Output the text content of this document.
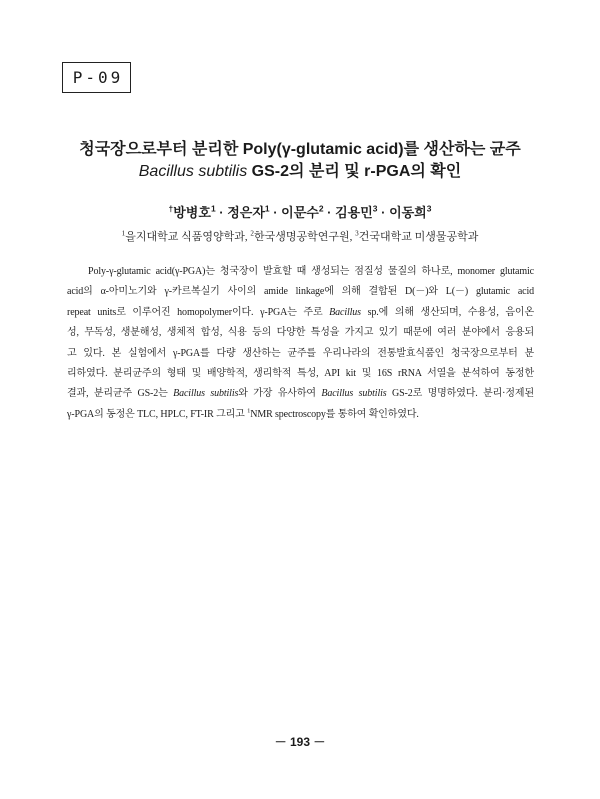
P-09
청국장으로부터 분리한 Poly(γ-glutamic acid)를 생산하는 균주
Bacillus subtilis GS-2의 분리 및 r-PGA의 확인
†방병호$^1$ · 정은자$^1$ · 이문수$^2$ · 김용민$^3$ · 이동희$^3$
$^1$을지대학교 식품영양학과, $^2$한국생명공학연구원, $^3$건국대학교 미생물공학과
Poly-γ-glutamic acid(γ-PGA)는 청국장이 발효할 때 생성되는 점질성 물질의 하나로, monomer glutamic
acid의 α-아미노기와 γ-카르복실기 사이의 amide linkage에 의해 결합된 D(－)와 L(－) glutamic acid
repeat units로 이루어진 homopolymer이다. γ-PGA는 주로 Bacillus sp.에 의해 생산되며, 수용성, 음이온
성, 무독성, 생분해성, 생체적 합성, 식용 등의 다양한 특성을 가지고 있기 때문에 여러 분야에서 응용되
고 있다. 본 실험에서 γ-PGA를 다량 생산하는 균주를 우리나라의 전통발효식품인 청국장으로부터 분
리하였다. 분리균주의 형태 및 배양학적, 생리학적 특성, API kit 및 16S rRNA 서열을 분석하여 동정한
결과, 분리균주 GS-2는 Bacillus subtilis와 가장 유사하여 Bacillus subtilis GS-2로 명명하였다. 분리·정제된
γ-PGA의 동정은 TLC, HPLC, FT-IR 그리고 $^1$NMR spectroscopy를 통하여 확인하였다.
－ 193 －
